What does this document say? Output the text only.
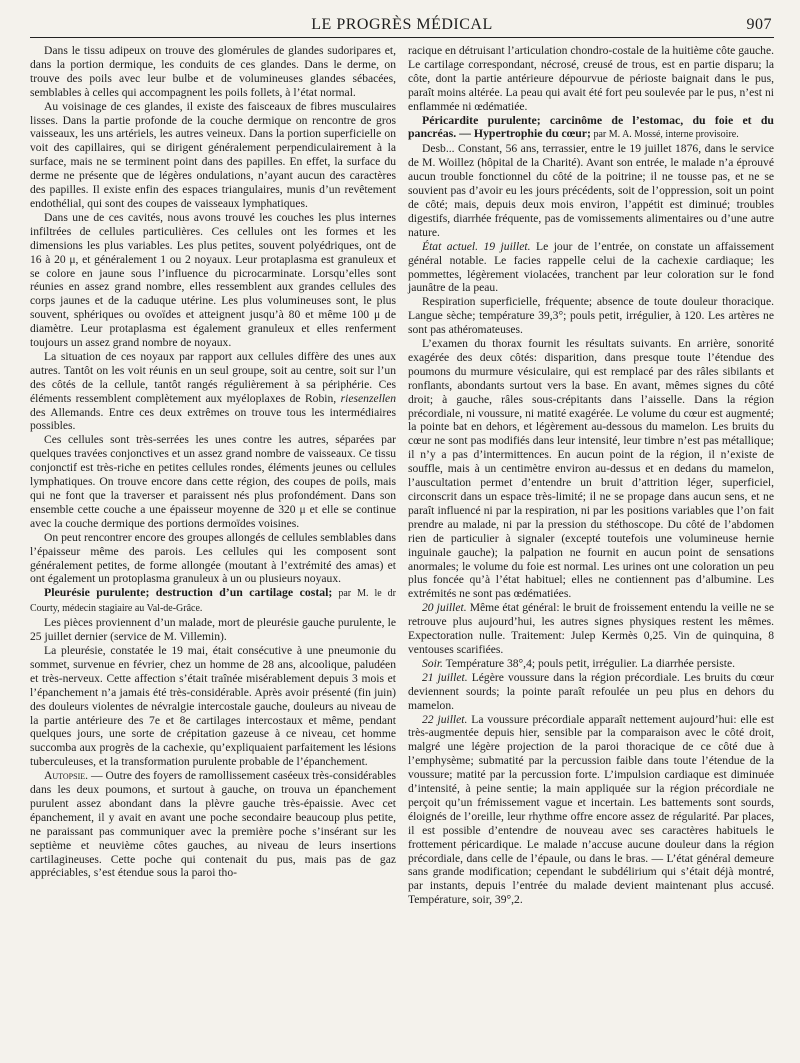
LE PROGRÈS MÉDICAL	907

Dans le tissu adipeux on trouve des glomérules de glandes sudoripares et, dans la portion dermique, les conduits de ces glandes. Dans le derme, on trouve des poils avec leur bulbe et de volumineuses glandes sébacées, semblables à celles qui accompagnent les poils follets, à l’état normal.

Au voisinage de ces glandes, il existe des faisceaux de fibres musculaires lisses. Dans la partie profonde de la couche dermique on rencontre de gros vaisseaux, les uns artériels, les autres veineux. Dans la portion superficielle on voit des capillaires, qui se dirigent généralement perpendiculairement à la surface, mais ne se terminent point dans des papilles. En effet, la surface du derme ne présente que de légères ondulations, n’ayant aucun des caractères des papilles. Il existe enfin des espaces triangulaires, munis d’un revêtement endothélial, qui sont des coupes de vaisseaux lymphatiques.

Dans une de ces cavités, nous avons trouvé les couches les plus internes infiltrées de cellules particulières. Ces cellules ont les formes et les dimensions les plus variables. Les plus petites, souvent polyédriques, ont de 16 à 20 μ, et généralement 1 ou 2 noyaux. Leur protaplasma est granuleux et se colore en jaune sous l’influence du picrocarminate. Lorsqu’elles sont réunies en assez grand nombre, elles ressemblent aux grandes cellules des corps jaunes et de la caduque utérine. Les plus volumineuses sont, le plus souvent, sphériques ou ovoïdes et atteignent jusqu’à 80 et même 100 μ de diamètre. Leur protaplasma est également granuleux et elles renferment toujours un assez grand nombre de noyaux.

La situation de ces noyaux par rapport aux cellules diffère des unes aux autres. Tantôt on les voit réunis en un seul groupe, soit au centre, soit sur l’un des côtés de la cellule, tantôt rangés régulièrement à sa périphérie. Ces éléments ressemblent complètement aux myéloplaxes de Robin, riesenzellen des Allemands. Entre ces deux extrêmes on trouve tous les intermédiaires possibles.

Ces cellules sont très-serrées les unes contre les autres, séparées par quelques travées conjonctives et un assez grand nombre de vaisseaux. Ce tissu conjonctif est très-riche en petites cellules rondes, éléments jeunes ou cellules lymphatiques. On trouve encore dans cette région, des coupes de poils, mais qui ne font que la traverser et paraissent nés plus profondément. Dans son ensemble cette couche a une épaisseur moyenne de 320 μ et elle se continue avec la couche dermique des portions dermoïdes voisines.

On peut rencontrer encore des groupes allongés de cellules semblables dans l’épaisseur même des parois. Les cellules qui les composent sont généralement petites, de forme allongée (moutant à l’extrémité des amas) et ont également un protoplasma granuleux à un ou plusieurs noyaux.

Pleurésie purulente; destruction d’un cartilage costal; par M. le dr Courty, médecin stagiaire au Val-de-Grâce.

Les pièces proviennent d’un malade, mort de pleurésie gauche purulente, le 25 juillet dernier (service de M. Villemin).

La pleurésie, constatée le 19 mai, était consécutive à une pneumonie du sommet, survenue en février, chez un homme de 28 ans, alcoolique, paludéen et très-nerveux. Cette affection s’était traînée misérablement depuis 3 mois et l’épanchement n’a jamais été très-considérable. Après avoir présenté (fin juin) des douleurs violentes de névralgie intercostale gauche, douleurs au niveau de la partie antérieure des 7e et 8e cartilages intercostaux et même, pendant quelques jours, une sorte de crépitation gazeuse à ce niveau, cet homme succomba aux progrès de la cachexie, qu’expliquaient parfaitement les lésions tuberculeuses, et la transformation purulente probable de l’épanchement.

Autopsie. — Outre des foyers de ramollissement caséeux très-considérables dans les deux poumons, et surtout à gauche, on trouva un épanchement purulent assez abondant dans la plèvre gauche très-épaissie. Avec cet épanchement, il y avait en avant une poche secondaire beaucoup plus petite, ne paraissant pas communiquer avec la première poche s’insérant sur les septième et neuvième côtes gauches, au niveau de leurs insertions cartilagineuses. Cette poche qui contenait du pus, mais pas de gaz appréciables, s’est étendue sous la paroi tho-

racique en détruisant l’articulation chondro-costale de la huitième côte gauche. Le cartilage correspondant, nécrosé, creusé de trous, est en partie disparu; la côte, dont la partie antérieure dépourvue de périoste baignait dans le pus, paraît moins altérée. La peau qui avait été fort peu soulevée par le pus, n’est ni enflammée ni œdématiée.

Péricardite purulente; carcinôme de l’estomac, du foie et du pancréas. — Hypertrophie du cœur; par M. A. Mossé, interne provisoire.

Desb... Constant, 56 ans, terrassier, entre le 19 juillet 1876, dans le service de M. Woillez (hôpital de la Charité). Avant son entrée, le malade n’a éprouvé aucun trouble fonctionnel du côté de la poitrine; il ne tousse pas, et ne se souvient pas d’avoir eu les jours précédents, soit de l’oppression, soit un point de côté; mais, depuis deux mois environ, l’appétit est diminué; troubles digestifs, diarrhée fréquente, pas de vomissements alimentaires ou d’une autre nature.

État actuel. 19 juillet. Le jour de l’entrée, on constate un affaissement général notable. Le facies rappelle celui de la cachexie cardiaque; les pommettes, légèrement violacées, tranchent par leur coloration sur le fond jaunâtre de la peau.

Respiration superficielle, fréquente; absence de toute douleur thoracique. Langue sèche; température 39,3°; pouls petit, irrégulier, à 120. Les artères ne sont pas athéromateuses.

L’examen du thorax fournit les résultats suivants. En arrière, sonorité exagérée des deux côtés: disparition, dans presque toute l’étendue des poumons du murmure vésiculaire, qui est remplacé par des râles sibilants et ronflants, abondants surtout vers la base. En avant, mêmes signes du côté droit; à gauche, râles sous-crépitants dans l’aisselle. Dans la région précordiale, ni voussure, ni matité exagérée. Le volume du cœur est augmenté; la pointe bat en dehors, et légèrement au-dessous du mamelon. Les bruits du cœur ne sont pas modifiés dans leur intensité, leur timbre n’est pas métallique; il n’y a pas d’intermittences. En aucun point de la région, il n’existe de souffle, mais à un centimètre environ au-dessus et en dedans du mamelon, l’auscultation permet d’entendre un bruit d’attrition léger, superficiel, circonscrit dans un espace très-limité; il ne se propage dans aucun sens, et ne paraît influencé ni par la respiration, ni par les positions variables que l’on fait prendre au malade, ni par la pression du stéthoscope. Du côté de l’abdomen rien de particulier à signaler (excepté toutefois une volumineuse hernie inguinale gauche); la palpation ne fournit en aucun point de sensations anormales; le volume du foie est normal. Les urines ont une coloration un peu plus foncée qu’à l’état habituel; elles ne contiennent pas d’albumine. Les extrémités ne sont pas œdématiées.

20 juillet. Même état général: le bruit de froissement entendu la veille ne se retrouve plus aujourd’hui, les autres signes physiques restent les mêmes. Expectoration nulle. Traitement: Julep Kermès 0,25. Vin de quinquina, 8 ventouses scarifiées.

Soir. Température 38°,4; pouls petit, irrégulier. La diarrhée persiste.

21 juillet. Légère voussure dans la région précordiale. Les bruits du cœur deviennent sourds; la pointe paraît refoulée un peu plus en dehors du mamelon.

22 juillet. La voussure précordiale apparaît nettement aujourd’hui: elle est très-augmentée depuis hier, sensible par la comparaison avec le côté droit, malgré une légère projection de la paroi thoracique de ce côté due à l’emphysème; submatité par la percussion faible dans toute l’étendue de la voussure; matité par la percussion forte. L’impulsion cardiaque est diminuée d’intensité, à peine sentie; la main appliquée sur la région précordiale ne perçoit qu’un frémissement vague et incertain. Les battements sont sourds, éloignés de l’oreille, leur rhythme offre encore assez de régularité. Par places, il est possible d’entendre de nouveau avec ses caractères habituels le frottement péricardique. Le malade n’accuse aucune douleur dans la région précordiale, dans celle de l’épaule, ou dans le bras. — L’état général demeure sans grande modification; cependant le subdélirium qui s’était déjà montré, par instants, depuis l’entrée du malade devient maintenant plus accusé. Température, soir, 39°,2.
